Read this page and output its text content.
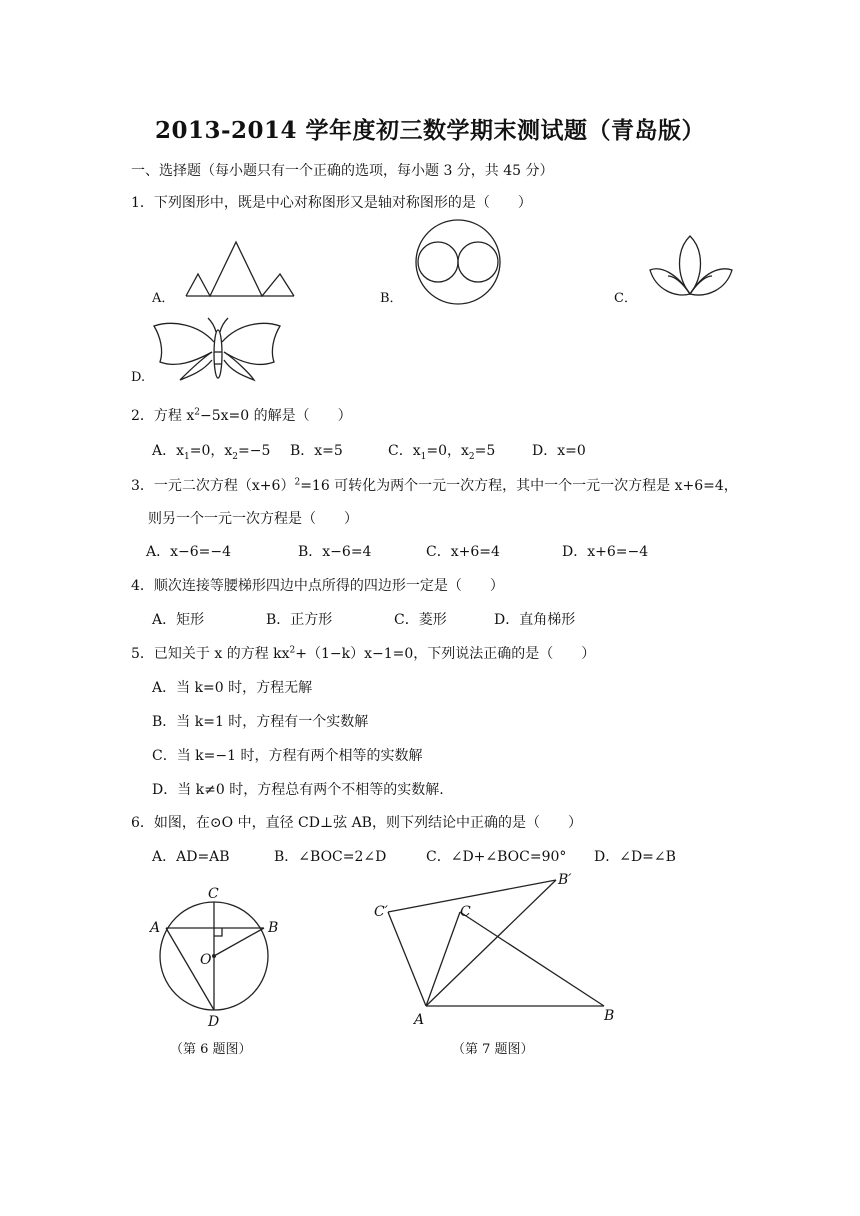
2013-2014 学年度初三数学期末测试题（青岛版）
一、选择题（每小题只有一个正确的选项，每小题 3 分，共 45 分）
1．下列图形中，既是中心对称图形又是轴对称图形的是（　　）
A．	B．	C．
D.
2．方程 $x^2-5x=0$ 的解是（　　）
A．$x_1=0$，$x_2=-5$ B．x=5	C．$x_1=0$，$x_2=5$	D．x=0
3．一元二次方程$(x+6)^2=16$ 可转化为两个一元一次方程，其中一个一元一次方程是 x+6=4，
则另一个一元一次方程是（　　）
A．x−6=−4	B．x−6=4	C．x+6=4	D．x+6=−4
4．顺次连接等腰梯形四边中点所得的四边形一定是（　　）
A．矩形	B．正方形	C．菱形	D．直角梯形
5．已知关于 x 的方程 $kx^2+(1-k)x-1=0$，下列说法正确的是（　　）
A．当 k=0 时，方程无解
B．当 k=1 时，方程有一个实数解
C．当 k=−1 时，方程有两个相等的实数解
D．当 k≠0 时，方程总有两个不相等的实数解.
6．如图，在⊙O 中，直径 CD⊥弦 AB，则下列结论中正确的是（　　）
A．AD=AB	B．∠BOC=2∠D	C．∠D+∠BOC=90° D．∠D=∠B
C
A	B
O
D
（第 6 题图）
C′	C
B′
A	B
（第 7 题图）
